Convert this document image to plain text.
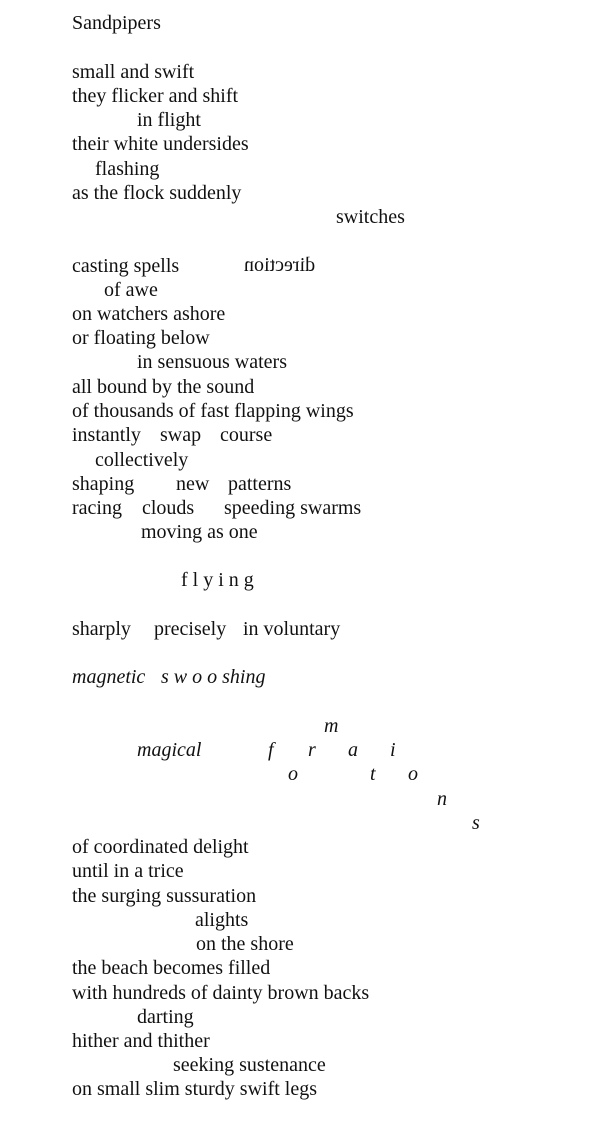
Sandpipers
small and swift
they flicker and shift
in flight
their white undersides
flashing
as the flock suddenly
switches

direction

casting spells
of awe
on watchers ashore
or floating below
in sensuous waters
all bound by the sound
of thousands of fast flapping wings
instantly swap course
collectively
shaping new patterns
racing clouds speeding swarms
moving as one
f l y i n g
sharply precisely in voluntary
magnetic s w o o shing
magical	f
o
r
m
a
t
i
o
n
s
of coordinated delight
until in a trice
the surging sussuration
alights
on the shore
the beach becomes filled
with hundreds of dainty brown backs
darting
hither and thither
seeking sustenance
on small slim sturdy swift legs
